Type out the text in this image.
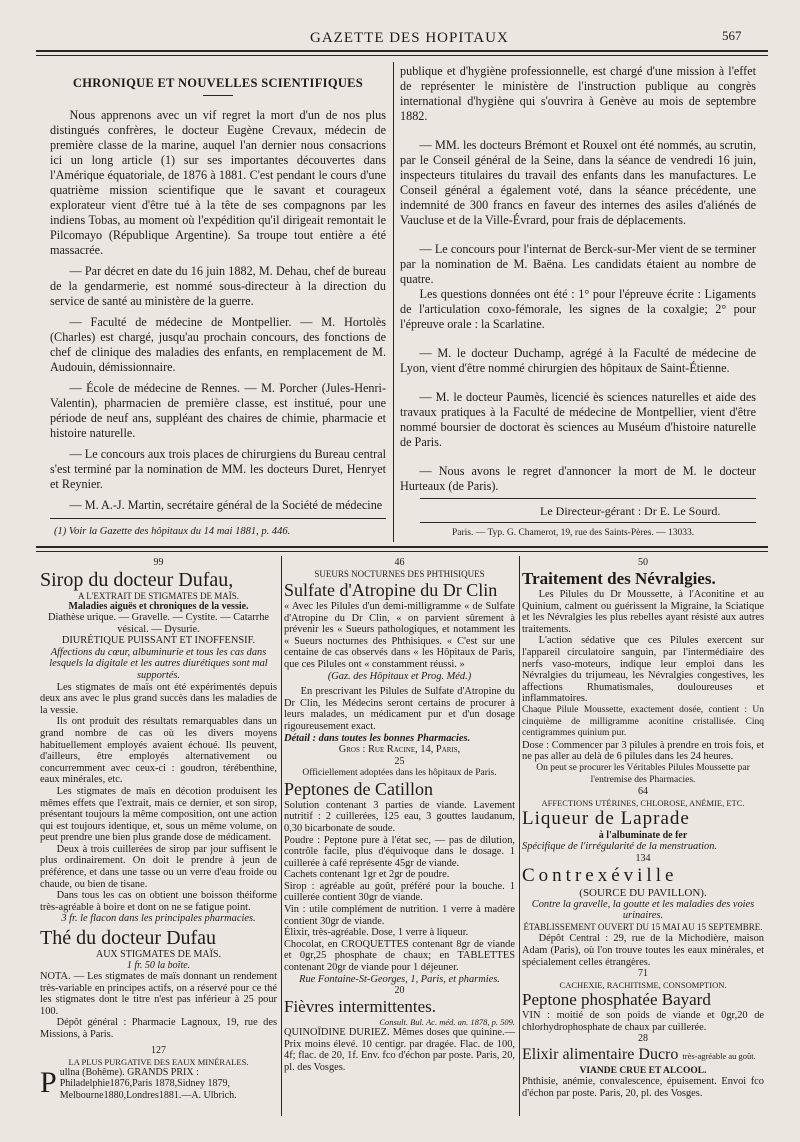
GAZETTE DES HOPITAUX	567
CHRONIQUE ET NOUVELLES SCIENTIFIQUES

Nous apprenons avec un vif regret la mort d'un de nos plus distingués confrères, le docteur Eugène Crevaux, médecin de première classe de la marine, auquel l'an dernier nous consacrions ici un long article (1) sur ses importantes découvertes dans l'Amérique équatoriale, de 1876 à 1881. C'est pendant le cours d'une quatrième mission scientifique que le savant et courageux explorateur vient d'être tué à la tête de ses compagnons par les indiens Tobas, au moment où l'expédition qu'il dirigeait remontait le Pilcomayo (République Argentine). Sa troupe tout entière a été massacrée.

— Par décret en date du 16 juin 1882, M. Dehau, chef de bureau de la gendarmerie, est nommé sous-directeur à la direction du service de santé au ministère de la guerre.

— Faculté de médecine de Montpellier. — M. Hortolès (Charles) est chargé, jusqu'au prochain concours, des fonctions de chef de clinique des maladies des enfants, en remplacement de M. Audouin, démissionnaire.

— École de médecine de Rennes. — M. Porcher (Jules-Henri-Valentin), pharmacien de première classe, est institué, pour une période de neuf ans, suppléant des chaires de chimie, pharmacie et histoire naturelle.

— Le concours aux trois places de chirurgiens du Bureau central s'est terminé par la nomination de MM. les docteurs Duret, Henryet et Reynier.

— M. A.-J. Martin, secrétaire général de la Société de médecine

(1) Voir la Gazette des hôpitaux du 14 mai 1881, p. 446.

publique et d'hygiène professionnelle, est chargé d'une mission à l'effet de représenter le ministère de l'instruction publique au congrès international d'hygiène qui s'ouvrira à Genève au mois de septembre 1882.

— MM. les docteurs Brémont et Rouxel ont été nommés, au scrutin, par le Conseil général de la Seine, dans la séance de vendredi 16 juin, inspecteurs titulaires du travail des enfants dans les manufactures. Le Conseil général a également voté, dans la séance précédente, une indemnité de 300 francs en faveur des internes des asiles d'aliénés de Vaucluse et de la Ville-Évrard, pour frais de déplacements.

— Le concours pour l'internat de Berck-sur-Mer vient de se terminer par la nomination de M. Baëna. Les candidats étaient au nombre de quatre.

Les questions données ont été : 1° pour l'épreuve écrite : Ligaments de l'articulation coxo-fémorale, les signes de la coxalgie; 2° pour l'épreuve orale : la Scarlatine.

— M. le docteur Duchamp, agrégé à la Faculté de médecine de Lyon, vient d'être nommé chirurgien des hôpitaux de Saint-Étienne.

— M. le docteur Paumès, licencié ès sciences naturelles et aide des travaux pratiques à la Faculté de médecine de Montpellier, vient d'être nommé boursier de doctorat ès sciences au Muséum d'histoire naturelle de Paris.

— Nous avons le regret d'annoncer la mort de M. le docteur Hurteaux (de Paris).

Le Directeur-gérant : Dr E. Le Sourd.
Paris. — Typ. G. Chamerot, 19, rue des Saints-Pères. — 13033.
99
Sirop du docteur Dufau,
A L'EXTRAIT DE STIGMATES DE MAÏS.
Maladies aiguës et chroniques de la vessie.

Diathèse urique. — Gravelle. — Cystite. — Catarrhe vésical. — Dysurie.

DIURÉTIQUE PUISSANT ET INOFFENSIF.

Affections du cœur, albuminurie et tous les cas dans lesquels la digitale et les autres diurétiques sont mal supportés.

Les stigmates de maïs ont été expérimentés depuis deux ans avec le plus grand succès dans les maladies de la vessie.

Ils ont produit des résultats remarquables dans un grand nombre de cas où les divers moyens habituellement employés avaient échoué. Ils peuvent, d'ailleurs, être employés alternativement ou concurremment avec ceux-ci : goudron, térébenthine, eaux minérales, etc.

Les stigmates de maïs en décotion produisent les mêmes effets que l'extrait, mais ce dernier, et son sirop, présentant toujours la même composition, ont une action qui est toujours identique, et, sous un même volume, on peut prendre une bien plus grande dose de médicament.

Deux à trois cuillerées de sirop par jour suffisent le plus ordinairement. On doit le prendre à jeun de préférence, et dans une tasse ou un verre d'eau froide ou chaude, ou bien de tisane.

Dans tous les cas on obtient une boisson théiforme très-agréable à boire et dont on ne se fatigue point.

3 fr. le flacon dans les principales pharmacies.

Thé du docteur Dufau
AUX STIGMATES DE MAÏS.
1 fr. 50 la boîte.

NOTA. — Les stigmates de maïs donnant un rendement très-variable en principes actifs, on a réservé pour ce thé les stigmates dont le titre n'est pas inférieur à 25 pour 100.

Dépôt général : Pharmacie Lagnoux, 19, rue des Missions, à Paris.

127
LA PLUS PURGATIVE DES EAUX MINÉRALES.
P ullna (Bohême). GRANDS PRIX : Philadelphie1876,Paris 1878,Sidney 1879, Melbourne1880,Londres1881.—A. Ulbrich.
46
SUEURS NOCTURNES DES PHTHISIQUES
Sulfate d'Atropine du Dr Clin

« Avec les Pilules d'un demi-milligramme « de Sulfate d'Atropine du Dr Clin, « on parvient sûrement à prévenir les « Sueurs pathologiques, et notamment les « Sueurs nocturnes des Phthisiques. « C'est sur une centaine de cas observés dans « les Hôpitaux de Paris, que ces Pilules ont « constamment réussi. »

(Gaz. des Hôpitaux et Prog. Méd.)

En prescrivant les Pilules de Sulfate d'Atropine du Dr Clin, les Médecins seront certains de procurer à leurs malades, un médicament pur et d'un dosage rigoureusement exact.

Détail : dans toutes les bonnes Pharmacies.

Gros : Rue Racine, 14, Paris,

25
Officiellement adoptées dans les hôpitaux de Paris.
Peptones de Catillon

Solution contenant 3 parties de viande. Lavement nutritif : 2 cuillerées, 125 eau, 3 gouttes laudanum, 0,30 bicarbonate de soude.

Poudre : Peptone pure à l'état sec, — pas de dilution, contrôle facile, plus d'équivoque dans le dosage. 1 cuillerée à café représente 45gr de viande.

Cachets contenant 1gr et 2gr de poudre.

Sirop : agréable au goût, préféré pour la bouche. 1 cuillerée contient 30gr de viande.

Vin : utile complément de nutrition. 1 verre à madère contient 30gr de viande.

Élixir, très-agréable. Dose, 1 verre à liqueur.

Chocolat, en CROQUETTES contenant 8gr de viande et 0gr,25 phosphate de chaux; en TABLETTES contenant 20gr de viande pour 1 déjeuner.

Rue Fontaine-St-Georges, 1, Paris, et pharmies.

20
Fièvres intermittentes.
Consult. Bul. Ac. méd. an. 1878, p. 509.

QUINOÏDINE DURIEZ. Mêmes doses que quinine.— Prix moins élevé. 10 centigr. par dragée. Flac. de 100, 4f; flac. de 20, 1f. Env. fco d'échon par poste. Paris, 20, pl. des Vosges.

50
Traitement des Névralgies.

Les Pilules du Dr Moussette, à l'Aconitine et au Quinium, calment ou guérissent la Migraine, la Sciatique et les Névralgies les plus rebelles ayant résisté aux autres traitements.

L'action sédative que ces Pilules exercent sur l'appareil circulatoire sanguin, par l'intermédiaire des nerfs vaso-moteurs, indique leur emploi dans les Névralgies du trijumeau, les Névralgies congestives, les affections Rhumatismales, douloureuses et inflammatoires.

Chaque Pilule Moussette, exactement dosée, contient : Un cinquième de milligramme aconitine cristallisée. Cinq centigrammes quinium pur.

Dose : Commencer par 3 pilules à prendre en trois fois, et ne pas aller au delà de 6 pilules dans les 24 heures.

On peut se procurer les Véritables Pilules Moussette par l'entremise des Pharmacies.

64
AFFECTIONS UTÉRINES, CHLOROSE, ANÉMIE, ETC.
Liqueur de Laprade
à l'albuminate de fer

Spécifique de l'irrégularité de la menstruation.

134
Contrexéville
(SOURCE DU PAVILLON).

Contre la gravelle, la goutte et les maladies des voies urinaires.

ÉTABLISSEMENT OUVERT DU 15 MAI AU 15 SEPTEMBRE.

Dépôt Central : 29, rue de la Michodière, maison Adam (Paris), où l'on trouve toutes les eaux minérales, et spécialement celles étrangères.

71
CACHEXIE, RACHITISME, CONSOMPTION.
Peptone phosphatée Bayard

VIN : moitié de son poids de viande et 0gr,20 de chlorhydrophosphate de chaux par cuillerée.

28
Elixir alimentaire Ducro très-agréable au goût.
VIANDE CRUE ET ALCOOL.

Phthisie, anémie, convalescence, épuisement. Envoi fco d'échon par poste. Paris, 20, pl. des Vosges.
